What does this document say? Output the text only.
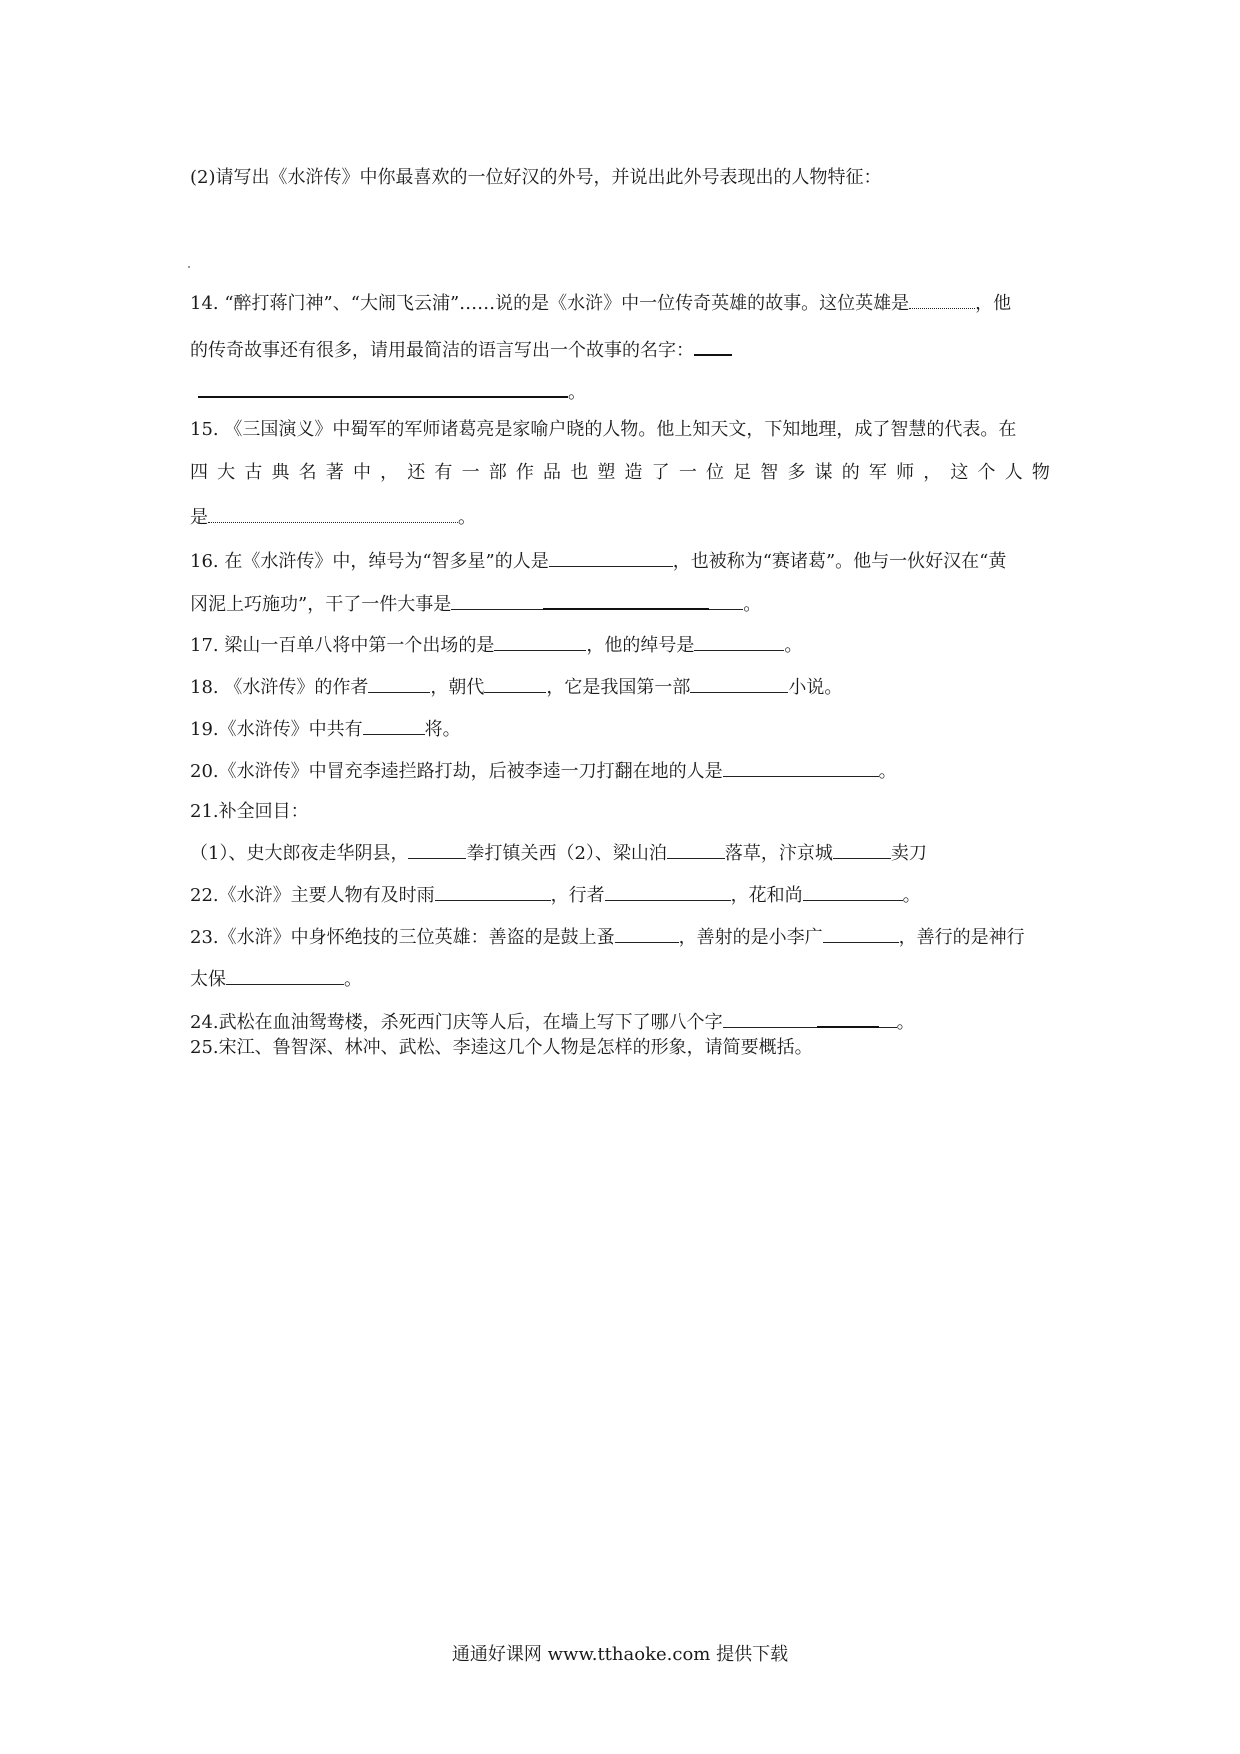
(2)请写出《水浒传》中你最喜欢的一位好汉的外号，并说出此外号表现出的人物特征：
14. “醉打蒋门神”、“大闹飞云浦”……说的是《水浒》中一位传奇英雄的故事。这位英雄是	，他
的传奇故事还有很多，请用最简洁的语言写出一个故事的名字：
。
15. 《三国演义》中蜀军的军师诸葛亮是家喻户晓的人物。他上知天文，下知地理，成了智慧的代表。在
四 大 古 典 名 著 中 ， 还 有 一 部 作 品 也 塑 造 了 一 位 足 智 多 谋 的 军 师 ， 这 个 人 物
是	。
16. 在《水浒传》中，绰号为“智多星”的人是	，也被称为“赛诸葛”。他与一伙好汉在“黄
冈泥上巧施功”，干了一件大事是	。
17. 梁山一百单八将中第一个出场的是	，他的绰号是	。
18. 《水浒传》的作者	，朝代	，它是我国第一部	小说。
19.《水浒传》中共有	将。
20.《水浒传》中冒充李逵拦路打劫，后被李逵一刀打翻在地的人是	。
21.补全回目：
（1）、史大郎夜走华阴县，	拳打镇关西（2）、梁山泊	落草，汴京城	卖刀
22.《水浒》主要人物有及时雨	，行者	，花和尚	。
23.《水浒》中身怀绝技的三位英雄：善盗的是鼓上蚤	，善射的是小李广	，善行的是神行
太保	。
24.武松在血油鸳鸯楼，杀死西门庆等人后，在墙上写下了哪八个字	。
25.宋江、鲁智深、林冲、武松、李逵这几个人物是怎样的形象，请简要概括。
通通好课网 www.tthaoke.com 提供下载
